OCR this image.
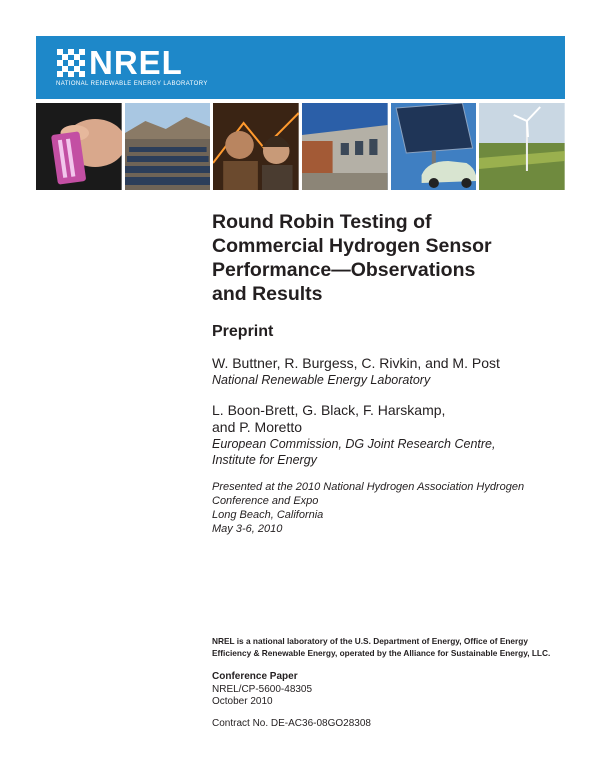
NREL
NATIONAL RENEWABLE ENERGY LABORATORY
Round Robin Testing of
Commercial Hydrogen Sensor
Performance—Observations
and Results
Preprint
W. Buttner, R. Burgess, C. Rivkin, and M. Post
National Renewable Energy Laboratory
L. Boon-Brett, G. Black, F. Harskamp,
and P. Moretto
European Commission, DG Joint Research Centre,
Institute for Energy
Presented at the 2010 National Hydrogen Association Hydrogen
Conference and Expo
Long Beach, California
May 3-6, 2010
NREL is a national laboratory of the U.S. Department of Energy, Office of Energy
Efficiency & Renewable Energy, operated by the Alliance for Sustainable Energy, LLC.
Conference Paper
NREL/CP-5600-48305
October 2010
Contract No. DE-AC36-08GO28308
